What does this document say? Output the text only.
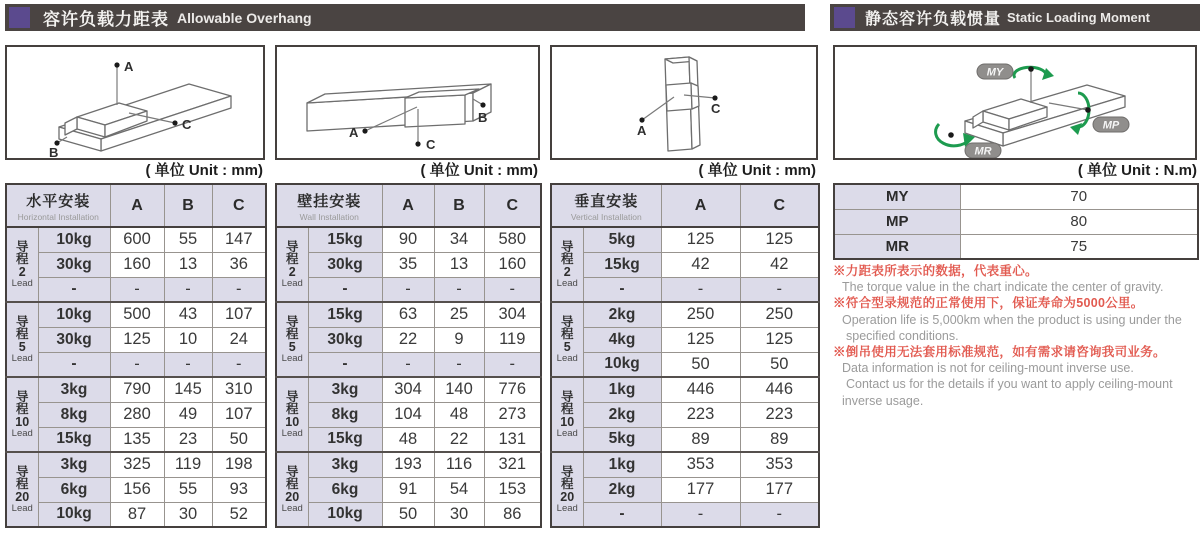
容许负载力距表 Allowable Overhang	静态容许负载惯量 Static Loading Moment
A
C
B
( 单位 Unit : mm)
A
C
B
( 单位 Unit : mm)
A
C
( 单位 Unit : mm)
MY
MP
MR
( 单位 Unit : N.m)
水平安装
Horizontal Installation		A	B	C

导
程
2
Lead	10kg	600	55	147
	30kg	160	13	36
	-	-	-	-

导
程
5
Lead	10kg	500	43	107
	30kg	125	10	24
	-	-	-	-

导
程
10
Lead	3kg	790	145	310
	8kg	280	49	107
	15kg	135	23	50

导
程
20
Lead	3kg	325	119	198
	6kg	156	55	93
	10kg	87	30	52
壁挂安装
Wall Installation		A	B	C

导
程
2
Lead	15kg	90	34	580
	30kg	35	13	160
	-	-	-	-

导
程
5
Lead	15kg	63	25	304
	30kg	22	9	119
	-	-	-	-

导
程
10
Lead	3kg	304	140	776
	8kg	104	48	273
	15kg	48	22	131

导
程
20
Lead	3kg	193	116	321
	6kg	91	54	153
	10kg	50	30	86
垂直安装
Vertical Installation		A	C

导
程
2
Lead	5kg	125	125
	15kg	42	42
	-	-	-

导
程
5
Lead	2kg	250	250
	4kg	125	125
	10kg	50	50

导
程
10
Lead	1kg	446	446
	2kg	223	223
	5kg	89	89

导
程
20
Lead	1kg	353	353
	2kg	177	177
	-	-	-
MY	70
MP	80
MR	75
※力距表所表示的数据，代表重心。
The torque value in the chart indicate the center of gravity.
※符合型录规范的正常使用下，保证寿命为5000公里。
Operation life is 5,000km when the product is using under the
specified conditions.
※倒吊使用无法套用标准规范，如有需求请咨询我司业务。
Data information is not for ceiling-mount inverse use.
Contact us for the details if you want to apply ceiling-mount
inverse usage.
